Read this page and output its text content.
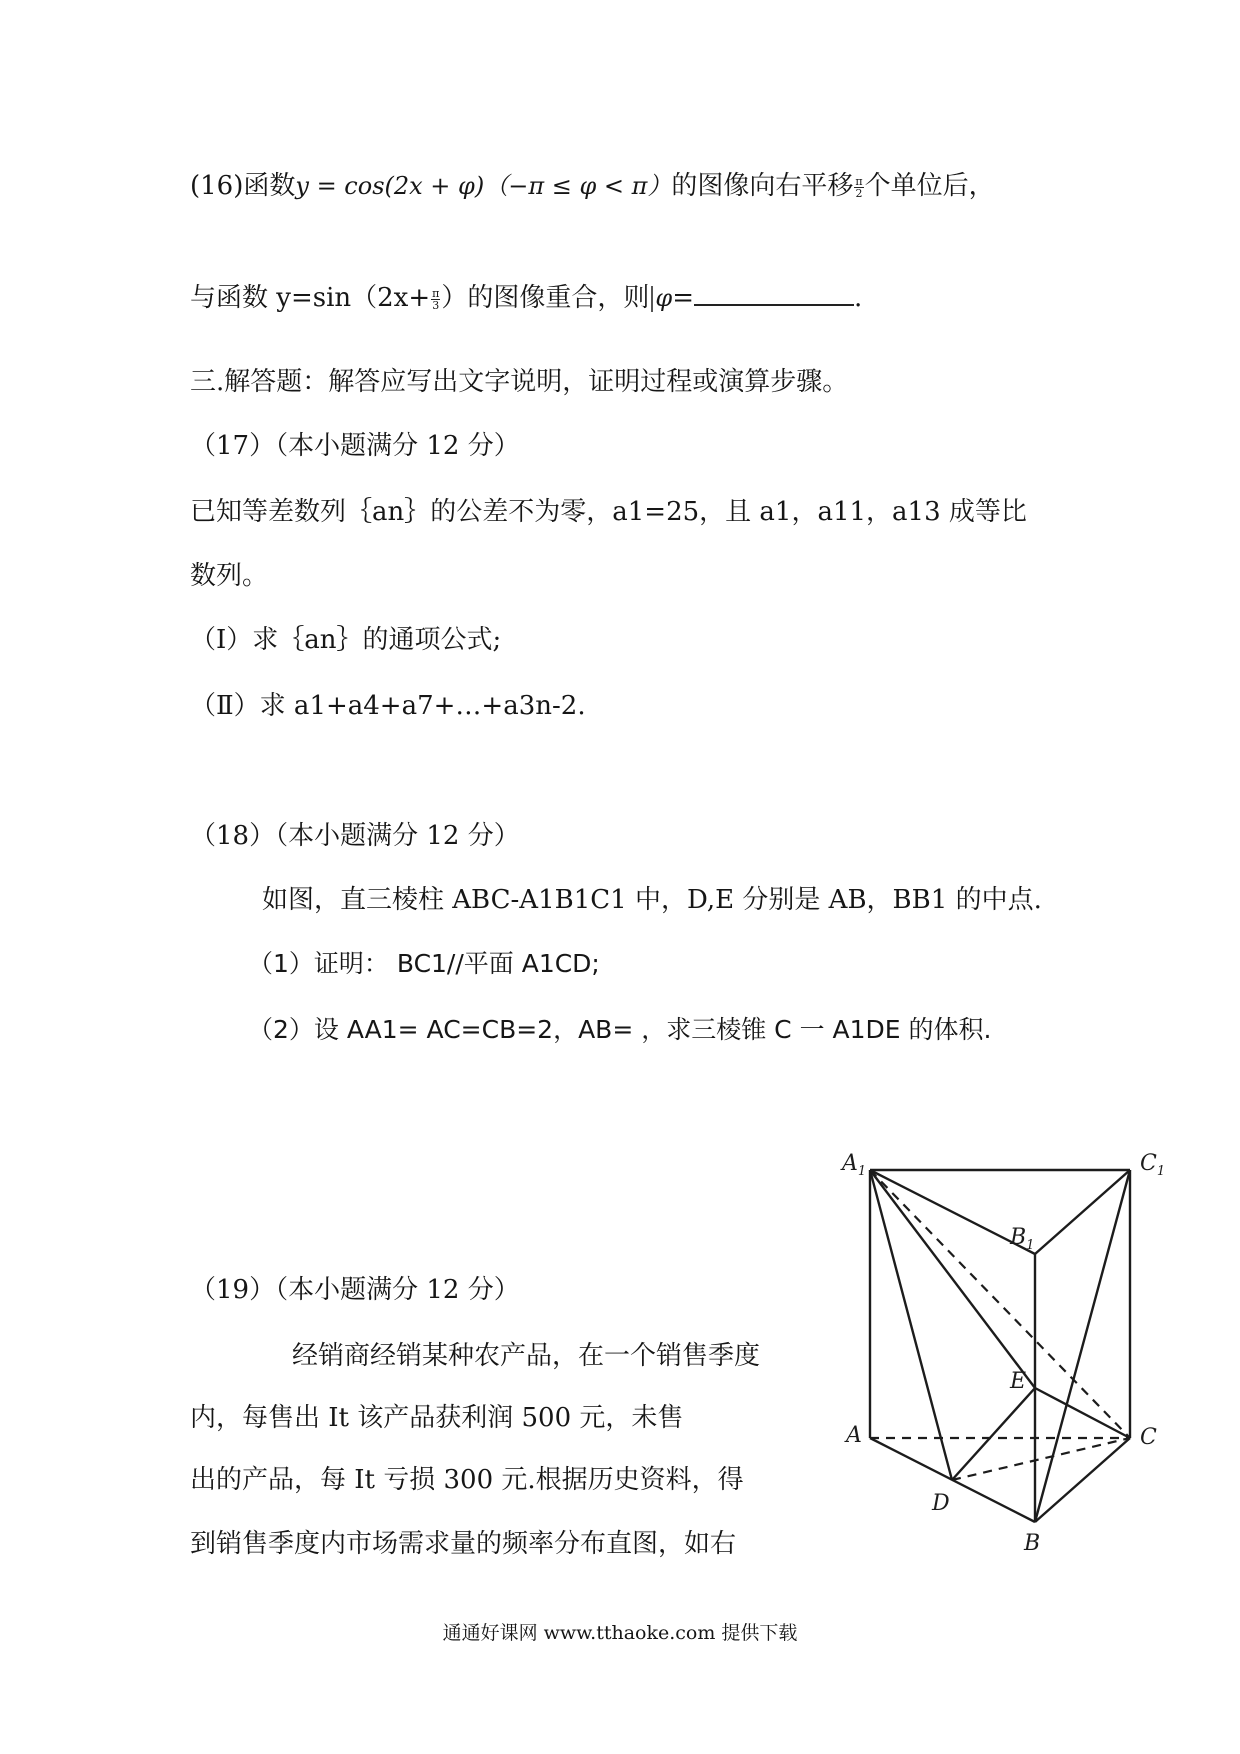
(16)函数y = cos(2x + φ)（−π ≤ φ < π）的图像向右平移 $\frac{\pi}{2}$ 个单位后，
与函数 $y=\sin(2x+ \frac{\pi}{3}$ ）的图像重合，则 φ=	.
三.解答题：解答应写出文字说明，证明过程或演算步骤。
（17）（本小题满分 12 分）
已知等差数列｛an｝的公差不为零，a1=25，且 a1，a11，a13 成等比
数列。
（Ⅰ）求｛an｝的通项公式;
（Ⅱ）求 a1+a4+a7+…+a3n-2.
（18）（本小题满分 12 分）
如图，直三棱柱 ABC-A1B1C1 中，D,E 分别是 AB，BB1 的中点.
（1）证明： BC1//平面 A1CD;
（2）设 AA1= AC=CB=2，AB= ，求三棱锥 C 一 A1DE 的体积.
（19）（本小题满分 12 分）
经销商经销某种农产品，在一个销售季度
内，每售出 It 该产品获利润 500 元，未售
出的产品，每 It 亏损 300 元.根据历史资料，得
到销售季度内市场需求量的频率分布直图，如右
$A_1$	$C_1$
$B_1$
E
A	C
D
B
通通好课网 www.tthaoke.com 提供下载
